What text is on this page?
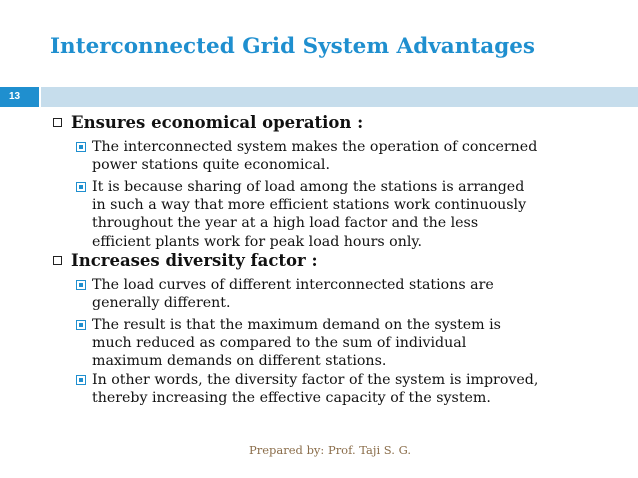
Interconnected Grid System Advantages
13
Ensures economical operation :
The interconnected system makes the operation of concerned
power stations quite economical.
It is because sharing of load among the stations is arranged
in such a way that more efficient stations work continuously
throughout the year at a high load factor and the less
efficient plants work for peak load hours only.
Increases diversity factor :
The load curves of different interconnected stations are
generally different.
The result is that the maximum demand on the system is
much reduced as compared to the sum of individual
maximum demands on different stations.
In other words, the diversity factor of the system is improved,
thereby increasing the effective capacity of the system.
Prepared by: Prof. Taji S. G.
